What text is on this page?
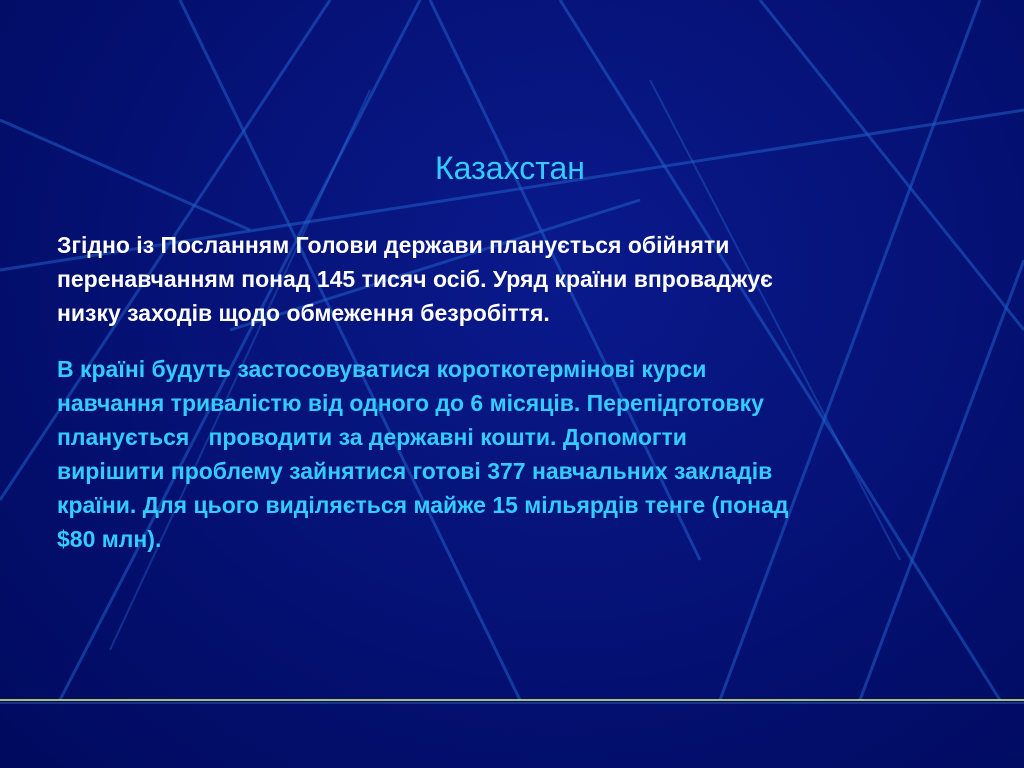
Казахстан
Згідно із Посланням Голови держави планується обійняти
перенавчанням понад 145 тисяч осіб. Уряд країни впроваджує
низку заходів щодо обмеження безробіття.
В країні будуть застосовуватися короткотермінові курси
навчання тривалістю від одного до 6 місяців. Перепідготовку
планується   проводити за державні кошти. Допомогти
вирішити проблему зайнятися готові 377 навчальних закладів
країни. Для цього виділяється майже 15 мільярдів тенге (понад
$80 млн).
